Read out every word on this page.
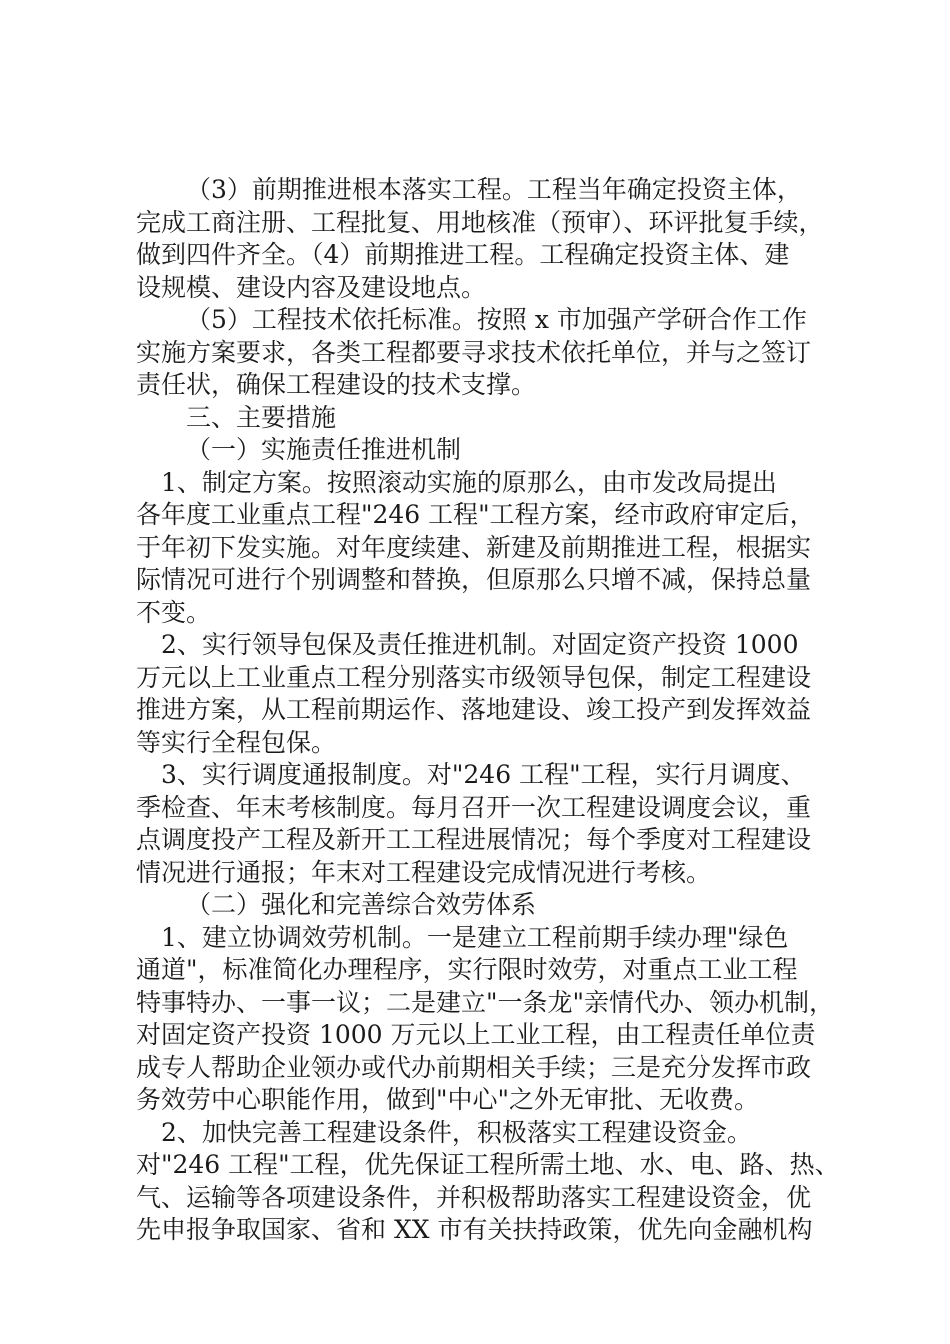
（3）前期推进根本落实工程。工程当年确定投资主体，
完成工商注册、工程批复、用地核准（预审）、环评批复手续，
做到四件齐全。（4）前期推进工程。工程确定投资主体、建
设规模、建设内容及建设地点。
（5）工程技术依托标准。按照 x 市加强产学研合作工作
实施方案要求，各类工程都要寻求技术依托单位，并与之签订
责任状，确保工程建设的技术支撑。
三、主要措施
（一）实施责任推进机制
1、制定方案。按照滚动实施的原那么，由市发改局提出
各年度工业重点工程"246 工程"工程方案，经市政府审定后，
于年初下发实施。对年度续建、新建及前期推进工程，根据实
际情况可进行个别调整和替换，但原那么只增不减，保持总量
不变。
2、实行领导包保及责任推进机制。对固定资产投资 1000
万元以上工业重点工程分别落实市级领导包保，制定工程建设
推进方案，从工程前期运作、落地建设、竣工投产到发挥效益
等实行全程包保。
3、实行调度通报制度。对"246 工程"工程，实行月调度、
季检查、年末考核制度。每月召开一次工程建设调度会议，重
点调度投产工程及新开工工程进展情况；每个季度对工程建设
情况进行通报；年末对工程建设完成情况进行考核。
（二）强化和完善综合效劳体系
1、建立协调效劳机制。一是建立工程前期手续办理"绿色
通道"，标准简化办理程序，实行限时效劳，对重点工业工程
特事特办、一事一议；二是建立"一条龙"亲情代办、领办机制，
对固定资产投资 1000 万元以上工业工程，由工程责任单位责
成专人帮助企业领办或代办前期相关手续；三是充分发挥市政
务效劳中心职能作用，做到"中心"之外无审批、无收费。
2、加快完善工程建设条件，积极落实工程建设资金。
对"246 工程"工程，优先保证工程所需土地、水、电、路、热、
气、运输等各项建设条件，并积极帮助落实工程建设资金，优
先申报争取国家、省和 XX 市有关扶持政策，优先向金融机构
